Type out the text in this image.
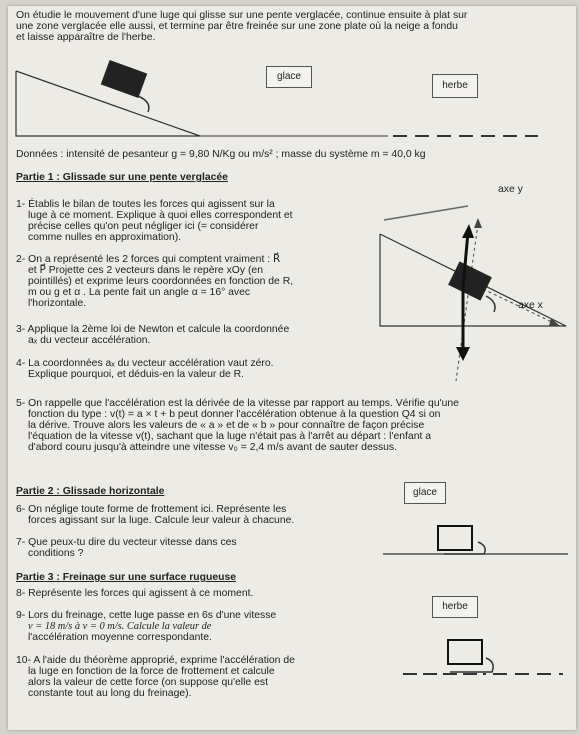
On étudie le mouvement d'une luge qui glisse sur une pente verglacée, continue ensuite à plat sur
une zone verglacée elle aussi, et termine par être freinée sur une zone plate où la neige a fondu
et laisse apparaître de l'herbe.
glace
herbe
Données : intensité de pesanteur g = 9,80 N/Kg ou m/s² ; masse du système m = 40,0 kg
Partie 1 : Glissade sur une pente verglacée
axe y
axe x
1- Établis le bilan de toutes les forces qui agissent sur la
luge à ce moment. Explique à quoi elles correspondent et
précise celles qu'on peut négliger ici (= considérer
comme nulles en approximation).
2- On a représenté les 2 forces qui comptent vraiment : R⃗
et P⃗ Projette ces 2 vecteurs dans le repère xOy (en
pointillés) et exprime leurs coordonnées en fonction de R,
m ou g et α . La pente fait un angle α = 16° avec
l'horizontale.
3- Applique la 2ème loi de Newton et calcule la coordonnée
aₓ du vecteur accélération.
4- La coordonnées aₓ du vecteur accélération vaut zéro.
Explique pourquoi, et déduis-en la valeur de R.
5- On rappelle que l'accélération est la dérivée de la vitesse par rapport au temps. Vérifie qu'une
fonction du type : v(t) = a × t + b peut donner l'accélération obtenue à la question Q4 si on
la dérive. Trouve alors les valeurs de « a » et de « b » pour connaître de façon précise
l'équation de la vitesse v(t), sachant que la luge n'était pas à l'arrêt au départ : l'enfant a
d'abord couru jusqu'à atteindre une vitesse v₀ = 2,4 m/s avant de sauter dessus.
Partie 2 : Glissade horizontale	glace
6- On néglige toute forme de frottement ici. Représente les
forces agissant sur la luge. Calcule leur valeur à chacune.
7- Que peux-tu dire du vecteur vitesse dans ces
conditions ?
Partie 3 : Freinage sur une surface rugueuse
8- Représente les forces qui agissent à ce moment.
herbe
9- Lors du freinage, cette luge passe en 6s d'une vitesse
v = 18 m/s à v = 0 m/s. Calcule la valeur de
l'accélération moyenne correspondante.
10- A l'aide du théorème approprié, exprime l'accélération de
la luge en fonction de la force de frottement et calcule
alors la valeur de cette force (on suppose qu'elle est
constante tout au long du freinage).
